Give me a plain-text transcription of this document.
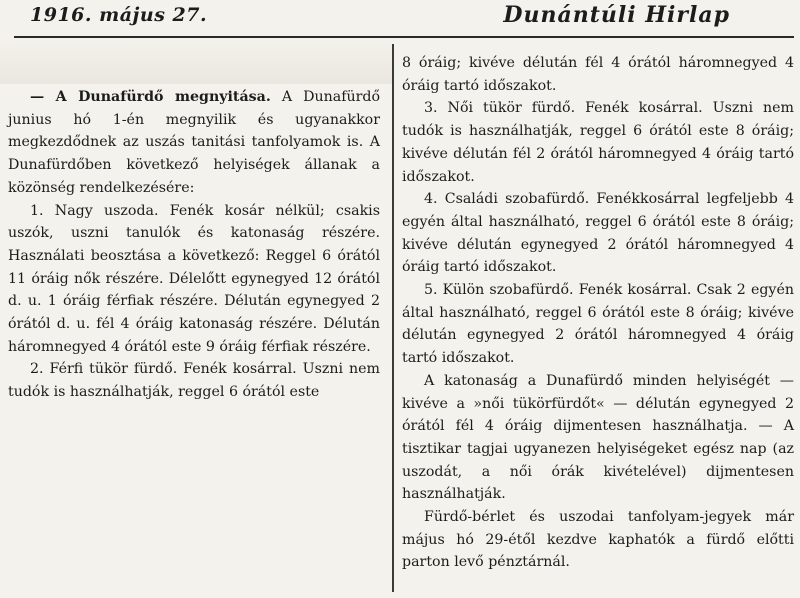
1916. május 27.	Dunántúli Hirlap

— A Dunafürdő megnyitása. A Dunafürdő junius hó 1-én megnyilik és ugyanakkor megkezdődnek az uszás tanitási tanfolyamok is. A Dunafürdőben következő helyiségek állanak a közönség rendelkezésére:

1. Nagy uszoda. Fenék kosár nélkül; csakis uszók, uszni tanulók és katonaság részére. Használati beosztása a következő: Reggel 6 órától 11 óráig nők részére. Délelőtt egynegyed 12 órától d. u. 1 óráig férfiak részére. Délután egynegyed 2 órától d. u. fél 4 óráig katonaság részére. Délután háromnegyed 4 órától este 9 óráig férfiak részére.

2. Férfi tükör fürdő. Fenék kosárral. Uszni nem tudók is használhatják, reggel 6 órától este

8 óráig; kivéve délután fél 4 órától háromnegyed 4 óráig tartó időszakot.

3. Női tükör fürdő. Fenék kosárral. Uszni nem tudók is használhatják, reggel 6 órától este 8 óráig; kivéve délután fél 2 órától háromnegyed 4 óráig tartó időszakot.

4. Családi szobafürdő. Fenékkosárral legfeljebb 4 egyén által használható, reggel 6 órától este 8 óráig; kivéve délután egynegyed 2 órától háromnegyed 4 óráig tartó időszakot.

5. Külön szobafürdő. Fenék kosárral. Csak 2 egyén által használható, reggel 6 órától este 8 óráig; kivéve délután egynegyed 2 órától háromnegyed 4 óráig tartó időszakot.

A katonaság a Dunafürdő minden helyiségét — kivéve a »női tükörfürdőt« — délután egynegyed 2 órától fél 4 óráig dijmentesen használhatja. — A tisztikar tagjai ugyanezen helyiségeket egész nap (az uszodát, a női órák kivételével) dijmentesen használhatják.

Fürdő-bérlet és uszodai tanfolyam-jegyek már május hó 29-étől kezdve kaphatók a fürdő előtti parton levő pénztárnál.
